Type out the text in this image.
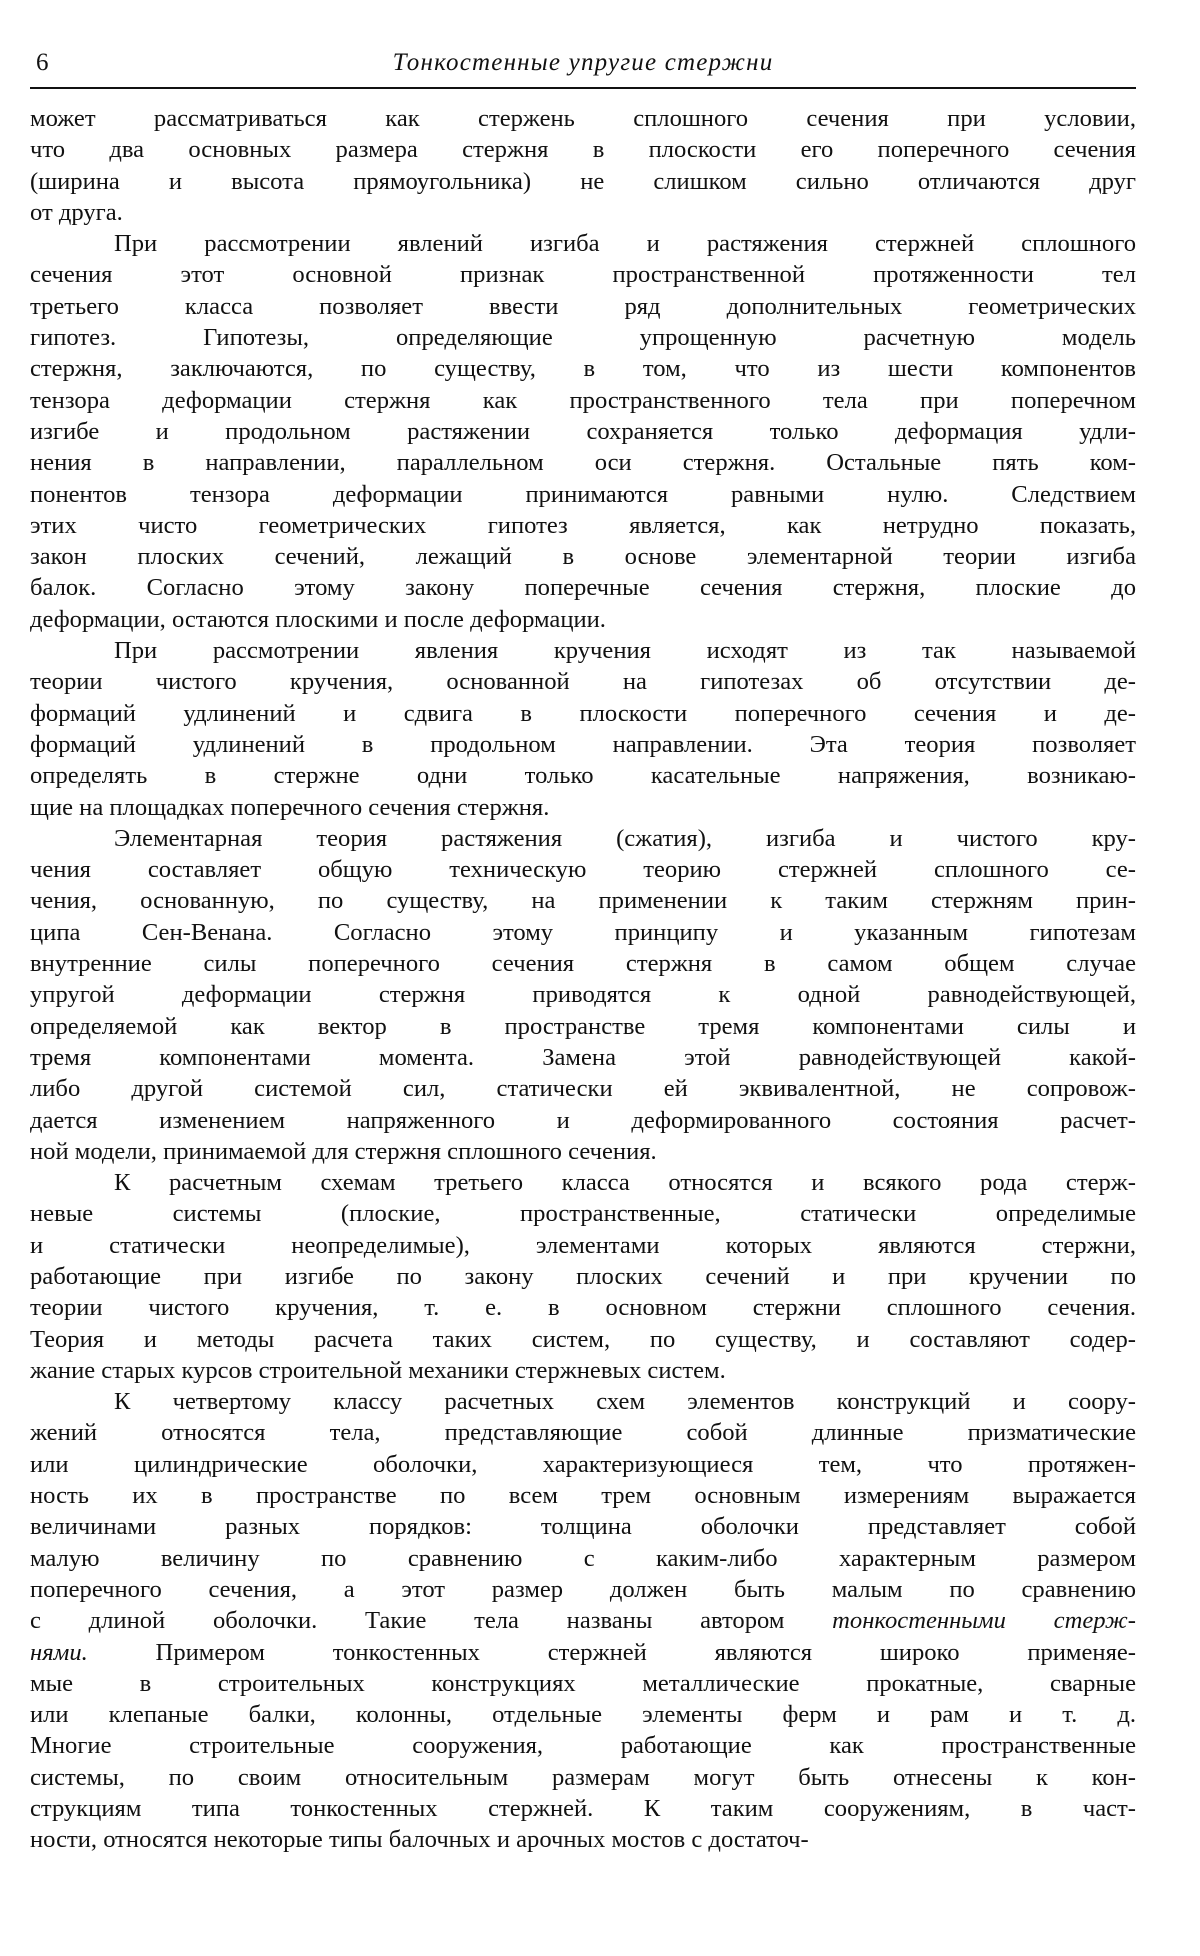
6	Тонкостенные упругие стержни
может рассматриваться как стержень сплошного сечения при условии,
что два основных размера стержня в плоскости его поперечного сечения
(ширина и высота прямоугольника) не слишком сильно отличаются друг
от друга.
При рассмотрении явлений изгиба и растяжения стержней сплошного
сечения этот основной признак пространственной протяженности тел
третьего класса позволяет ввести ряд дополнительных геометрических
гипотез. Гипотезы, определяющие упрощенную расчетную модель
стержня, заключаются, по существу, в том, что из шести компонентов
тензора деформации стержня как пространственного тела при поперечном
изгибе и продольном растяжении сохраняется только деформация удли-
нения в направлении, параллельном оси стержня. Остальные пять ком-
понентов тензора деформации принимаются равными нулю. Следствием
этих чисто геометрических гипотез является, как нетрудно показать,
закон плоских сечений, лежащий в основе элементарной теории изгиба
балок. Согласно этому закону поперечные сечения стержня, плоские до
деформации, остаются плоскими и после деформации.
При рассмотрении явления кручения исходят из так называемой
теории чистого кручения, основанной на гипотезах об отсутствии де-
формаций удлинений и сдвига в плоскости поперечного сечения и де-
формаций удлинений в продольном направлении. Эта теория позволяет
определять в стержне одни только касательные напряжения, возникаю-
щие на площадках поперечного сечения стержня.
Элементарная теория растяжения (сжатия), изгиба и чистого кру-
чения составляет общую техническую теорию стержней сплошного се-
чения, основанную, по существу, на применении к таким стержням прин-
ципа Сен-Венана. Согласно этому принципу и указанным гипотезам
внутренние силы поперечного сечения стержня в самом общем случае
упругой деформации стержня приводятся к одной равнодействующей,
определяемой как вектор в пространстве тремя компонентами силы и
тремя компонентами момента. Замена этой равнодействующей какой-
либо другой системой сил, статически ей эквивалентной, не сопровож-
дается изменением напряженного и деформированного состояния расчет-
ной модели, принимаемой для стержня сплошного сечения.
К расчетным схемам третьего класса относятся и всякого рода стерж-
невые системы (плоские, пространственные, статически определимые
и статически неопределимые), элементами которых являются стержни,
работающие при изгибе по закону плоских сечений и при кручении по
теории чистого кручения, т. е. в основном стержни сплошного сечения.
Теория и методы расчета таких систем, по существу, и составляют содер-
жание старых курсов строительной механики стержневых систем.
К четвертому классу расчетных схем элементов конструкций и соору-
жений относятся тела, представляющие собой длинные призматические
или цилиндрические оболочки, характеризующиеся тем, что протяжен-
ность их в пространстве по всем трем основным измерениям выражается
величинами разных порядков: толщина оболочки представляет собой
малую величину по сравнению с каким-либо характерным размером
поперечного сечения, а этот размер должен быть малым по сравнению
с длиной оболочки. Такие тела названы автором тонкостенными стерж-
нями. Примером тонкостенных стержней являются широко применяе-
мые в строительных конструкциях металлические прокатные, сварные
или клепаные балки, колонны, отдельные элементы ферм и рам и т. д.
Многие строительные сооружения, работающие как пространственные
системы, по своим относительным размерам могут быть отнесены к кон-
струкциям типа тонкостенных стержней. К таким сооружениям, в част-
ности, относятся некоторые типы балочных и арочных мостов с достаточ-
